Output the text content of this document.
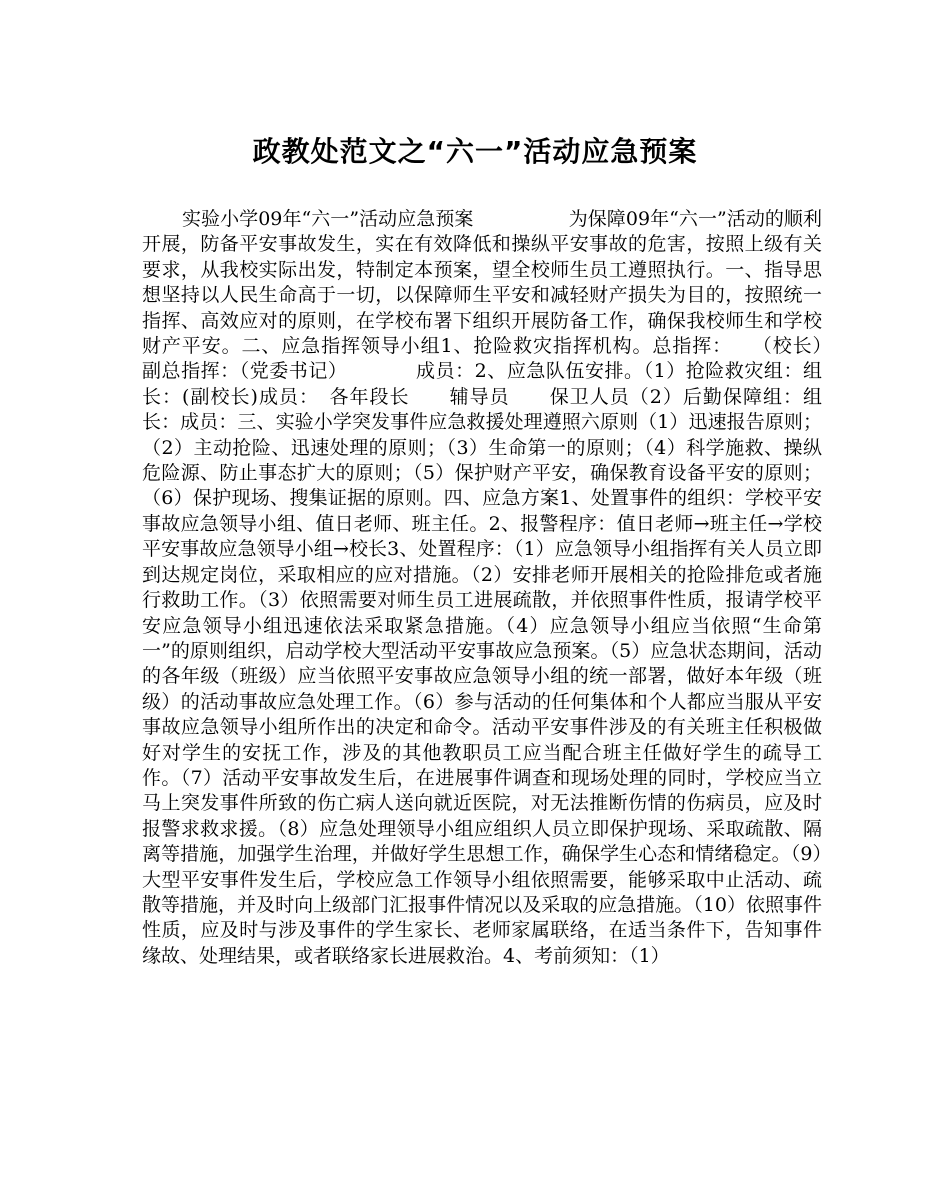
政教处范文之“六一”活动应急预案

实验小学09年“六一”活动应急预案　　　　　为保障09年“六一”活动的顺利开展，防备平安事故发生，实在有效降低和操纵平安事故的危害，按照上级有关要求，从我校实际出发，特制定本预案，望全校师生员工遵照执行。一、指导思想坚持以人民生命高于一切，以保障师生平安和减轻财产损失为目的，按照统一指挥、高效应对的原则，在学校布署下组织开展防备工作，确保我校师生和学校财产平安。二、应急指挥领导小组1、抢险救灾指挥机构。总指挥：　　（校长）　　副总指挥：（党委书记）　　　　成员：2、应急队伍安排。（1）抢险救灾组：组长：(副校长)成员：　各年段长　　辅导员　　保卫人员（2）后勤保障组：组长：成员：三、实验小学突发事件应急救援处理遵照六原则（1）迅速报告原则；（2）主动抢险、迅速处理的原则；（3）生命第一的原则；（4）科学施救、操纵危险源、防止事态扩大的原则；（5）保护财产平安，确保教育设备平安的原则；（6）保护现场、搜集证据的原则。四、应急方案1、处置事件的组织：学校平安事故应急领导小组、值日老师、班主任。2、报警程序：值日老师→班主任→学校平安事故应急领导小组→校长3、处置程序：（1）应急领导小组指挥有关人员立即到达规定岗位，采取相应的应对措施。（2）安排老师开展相关的抢险排危或者施行救助工作。（3）依照需要对师生员工进展疏散，并依照事件性质，报请学校平安应急领导小组迅速依法采取紧急措施。（4）应急领导小组应当依照“生命第一”的原则组织，启动学校大型活动平安事故应急预案。（5）应急状态期间，活动的各年级（班级）应当依照平安事故应急领导小组的统一部署，做好本年级（班级）的活动事故应急处理工作。（6）参与活动的任何集体和个人都应当服从平安事故应急领导小组所作出的决定和命令。活动平安事件涉及的有关班主任积极做好对学生的安抚工作，涉及的其他教职员工应当配合班主任做好学生的疏导工作。（7）活动平安事故发生后，在进展事件调查和现场处理的同时，学校应当立马上突发事件所致的伤亡病人送向就近医院，对无法推断伤情的伤病员，应及时报警求救求援。（8）应急处理领导小组应组织人员立即保护现场、采取疏散、隔离等措施，加强学生治理，并做好学生思想工作，确保学生心态和情绪稳定。（9）大型平安事件发生后，学校应急工作领导小组依照需要，能够采取中止活动、疏散等措施，并及时向上级部门汇报事件情况以及采取的应急措施。（10）依照事件性质，应及时与涉及事件的学生家长、老师家属联络，在适当条件下，告知事件缘故、处理结果，或者联络家长进展救治。4、考前须知：（1）
